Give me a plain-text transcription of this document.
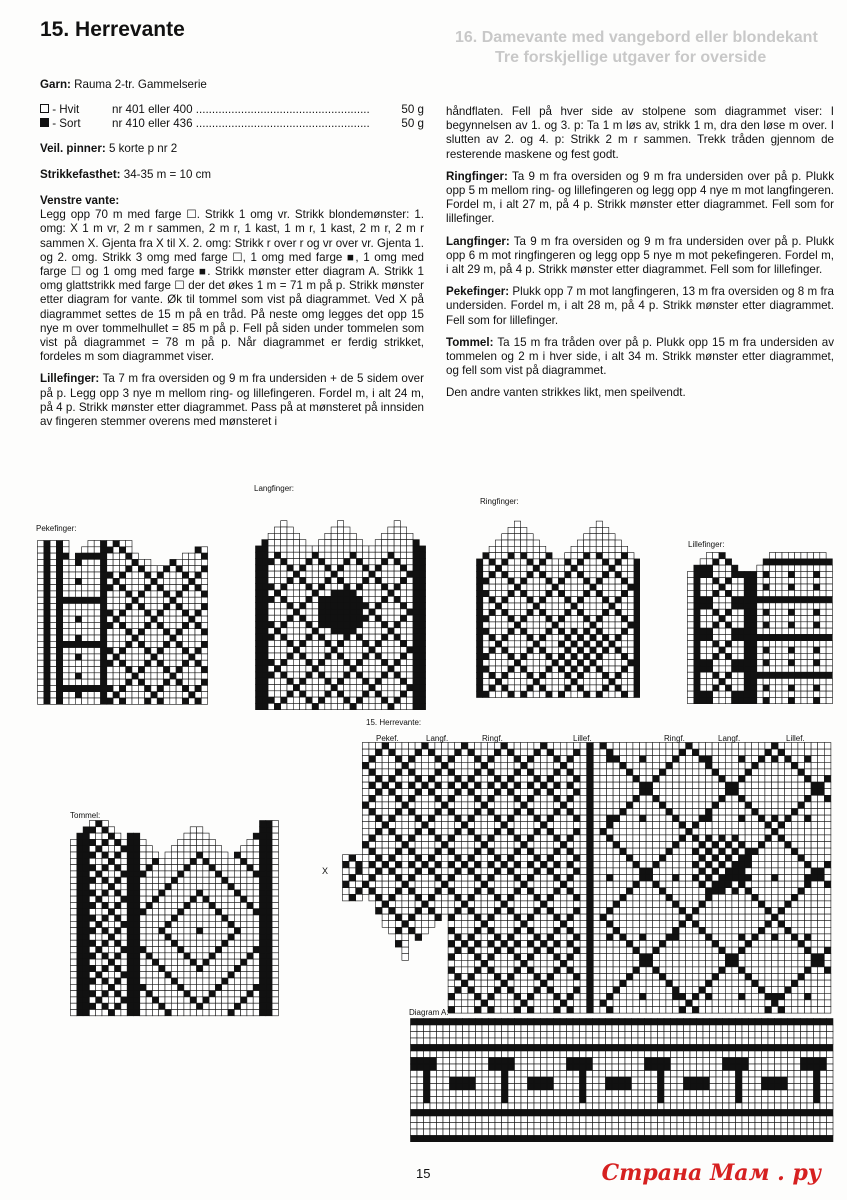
15. Herrevante	16. Damevante med vangebord eller blondekant
Tre forskjellige utgaver for overside

Garn: Rauma 2-tr. Gammelserie

- Hvit	nr 401 eller 400 ......................................................	50 g
- Sort	nr 410 eller 436 ......................................................	50 g

Veil. pinner: 5 korte p nr 2

Strikkefasthet: 34-35 m = 10 cm

Venstre vante:

Legg opp 70 m med farge ☐. Strikk 1 omg vr. Strikk blondemønster: 1. omg: X 1 m vr, 2 m r sammen, 2 m r, 1 kast, 1 m r, 1 kast, 2 m r, 2 m r sammen X. Gjenta fra X til X. 2. omg: Strikk r over r og vr over vr. Gjenta 1. og 2. omg. Strikk 3 omg med farge ☐, 1 omg med farge ■, 1 omg med farge ☐ og 1 omg med farge ■. Strikk mønster etter diagram A. Strikk 1 omg glattstrikk med farge ☐ der det økes 1 m = 71 m på p. Strikk mønster etter diagram for vante. Øk til tommel som vist på diagrammet. Ved X på diagrammet settes de 15 m på en tråd. På neste omg legges det opp 15 nye m over tommelhullet = 85 m på p. Fell på siden under tommelen som vist på diagrammet = 78 m på p. Når diagrammet er ferdig strikket, fordeles m som diagrammet viser.

Lillefinger: Ta 7 m fra oversiden og 9 m fra undersiden + de 5 sidem over på p. Legg opp 3 nye m mellom ring- og lillefingeren. Fordel m, i alt 24 m, på 4 p. Strikk mønster etter diagrammet. Pass på at mønsteret på innsiden av fingeren stemmer overens med mønsteret i

håndflaten. Fell på hver side av stolpene som diagrammet viser: I begynnelsen av 1. og 3. p: Ta 1 m løs av, strikk 1 m, dra den løse m over. I slutten av 2. og 4. p: Strikk 2 m r sammen. Trekk tråden gjennom de resterende maskene og fest godt.

Ringfinger: Ta 9 m fra oversiden og 9 m fra undersiden over på p. Plukk opp 5 m mellom ring- og lillefingeren og legg opp 4 nye m mot langfingeren. Fordel m, i alt 27 m, på 4 p. Strikk mønster etter diagrammet. Fell som for lillefinger.

Langfinger: Ta 9 m fra oversiden og 9 m fra undersiden over på p. Plukk opp 6 m mot ringfingeren og legg opp 5 nye m mot pekefingeren. Fordel m, i alt 29 m, på 4 p. Strikk mønster etter diagrammet. Fell som for lillefinger.

Pekefinger: Plukk opp 7 m mot langfingeren, 13 m fra oversiden og 8 m fra undersiden. Fordel m, i alt 28 m, på 4 p. Strikk mønster etter diagrammet. Fell som for lillefinger.

Tommel: Ta 15 m fra tråden over på p. Plukk opp 15 m fra undersiden av tommelen og 2 m i hver side, i alt 34 m. Strikk mønster etter diagrammet, og fell som vist på diagrammet.

Den andre vanten strikkes likt, men speilvendt.

Pekefinger:
Langfinger:
Ringfinger:
Lillefinger:
Tommel:
15. Herrevante:
X
Diagram A:
Pekef.	Langf.	Ringf.	Lillef.	Ringf.	Langf.	Lillef.
15	Страна Мам . ру
